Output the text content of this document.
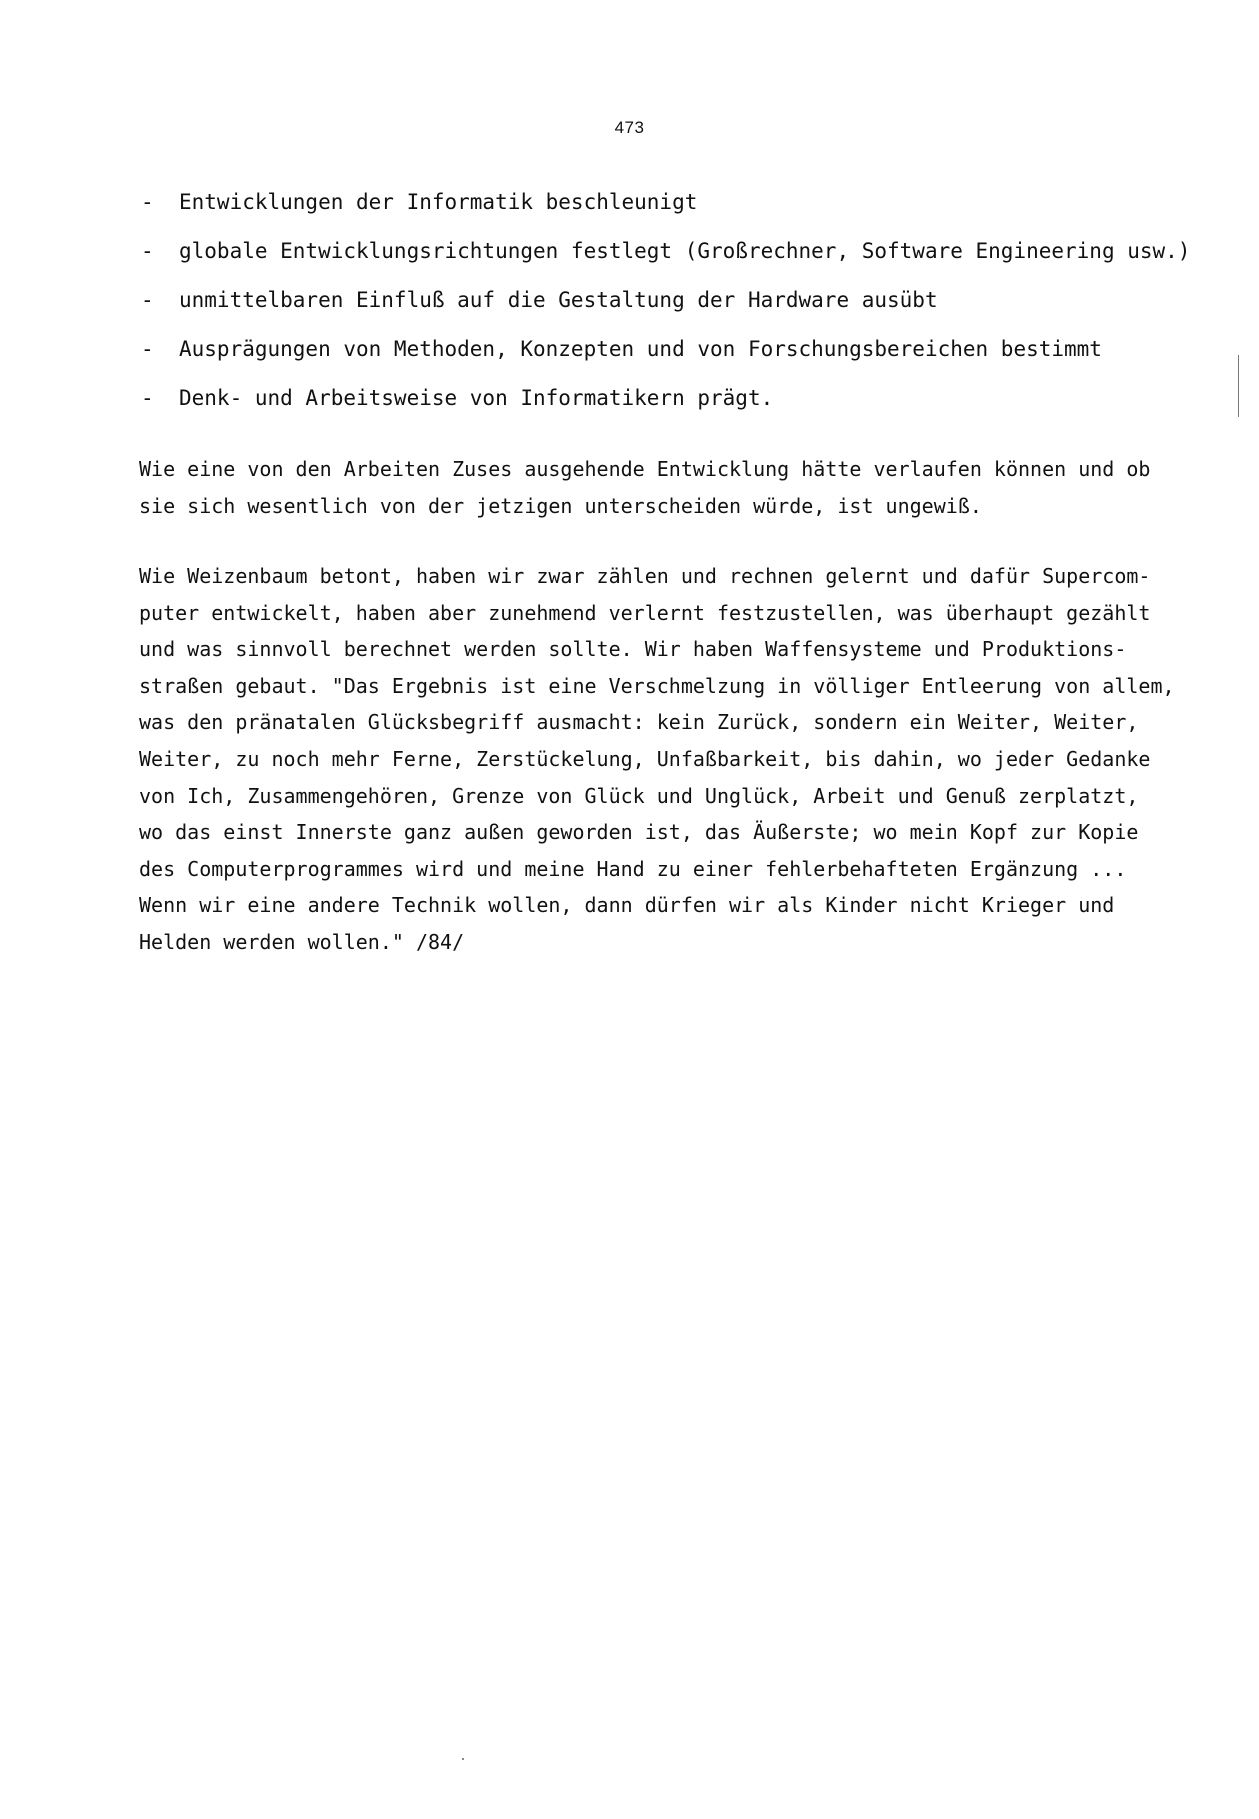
473
- Entwicklungen der Informatik beschleunigt
- globale Entwicklungsrichtungen festlegt (Großrechner, Software Engineering usw.)
- unmittelbaren Einfluß auf die Gestaltung der Hardware ausübt
- Ausprägungen von Methoden, Konzepten und von Forschungsbereichen bestimmt
- Denk- und Arbeitsweise von Informatikern prägt.

Wie eine von den Arbeiten Zuses ausgehende Entwicklung hätte verlaufen können und ob
sie sich wesentlich von der jetzigen unterscheiden würde, ist ungewiß.

Wie Weizenbaum betont, haben wir zwar zählen und rechnen gelernt und dafür Supercom-
puter entwickelt, haben aber zunehmend verlernt festzustellen, was überhaupt gezählt
und was sinnvoll berechnet werden sollte. Wir haben Waffensysteme und Produktions-
straßen gebaut. "Das Ergebnis ist eine Verschmelzung in völliger Entleerung von allem,
was den pränatalen Glücksbegriff ausmacht: kein Zurück, sondern ein Weiter, Weiter,
Weiter, zu noch mehr Ferne, Zerstückelung, Unfaßbarkeit, bis dahin, wo jeder Gedanke
von Ich, Zusammengehören, Grenze von Glück und Unglück, Arbeit und Genuß zerplatzt,
wo das einst Innerste ganz außen geworden ist, das Äußerste; wo mein Kopf zur Kopie
des Computerprogrammes wird und meine Hand zu einer fehlerbehafteten Ergänzung ...
Wenn wir eine andere Technik wollen, dann dürfen wir als Kinder nicht Krieger und
Helden werden wollen." /84/
